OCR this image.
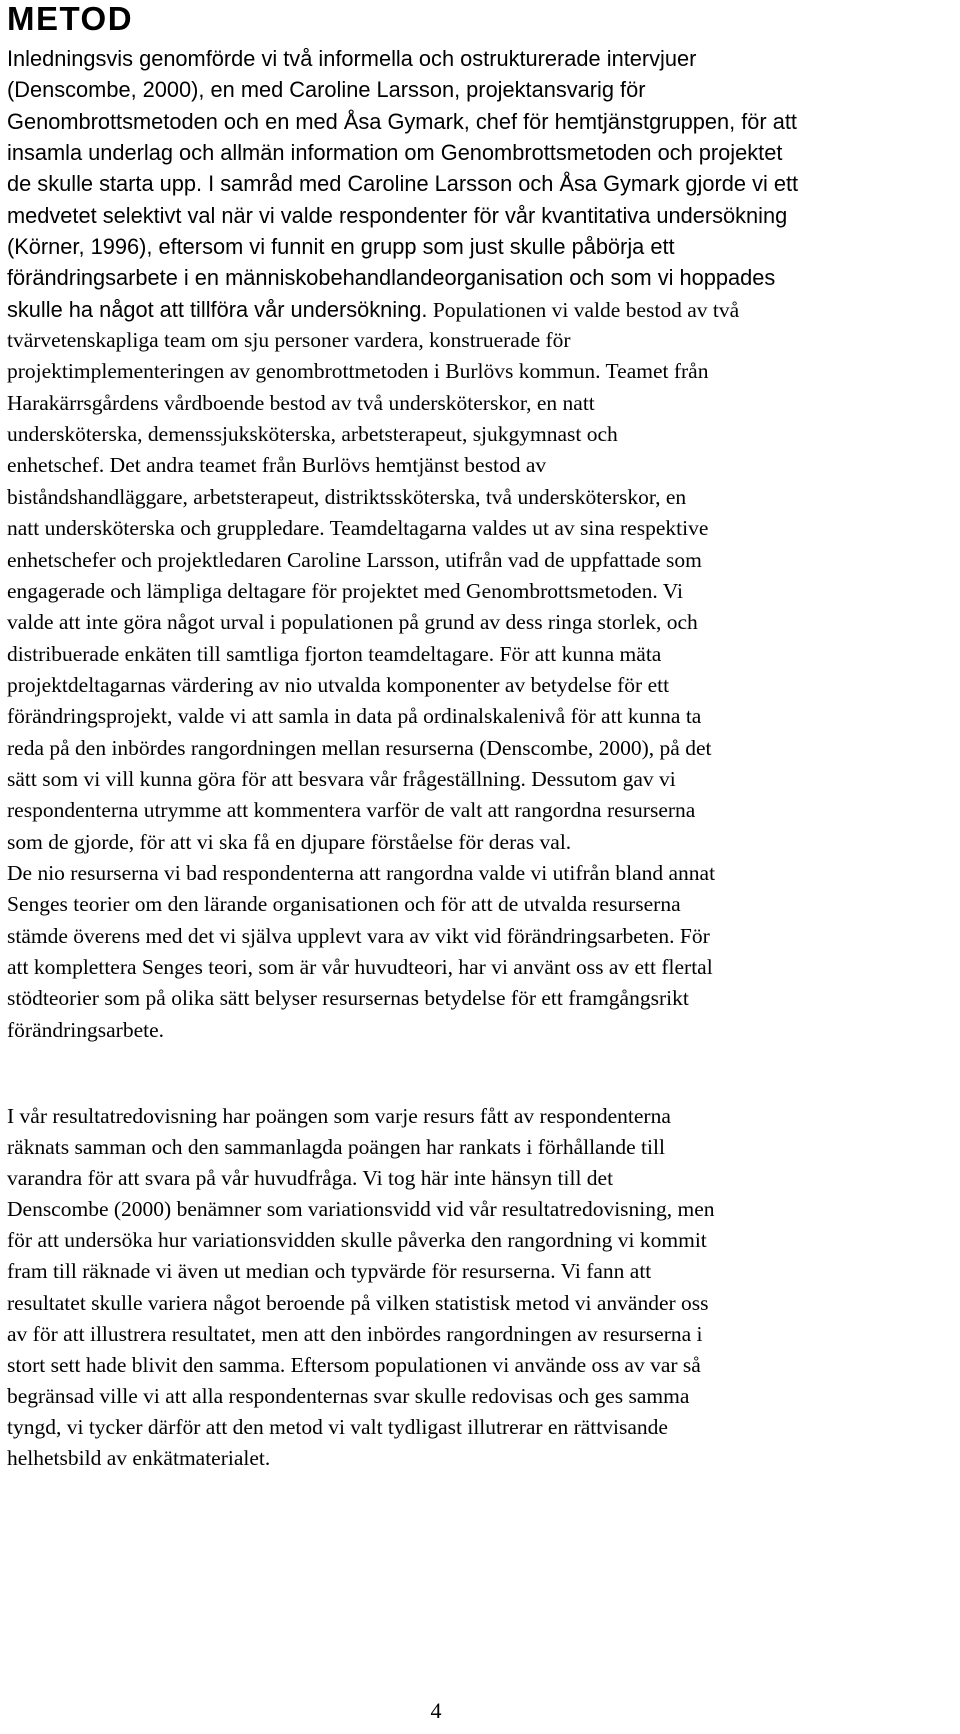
METOD
Inledningsvis genomförde vi två informella och ostrukturerade intervjuer
(Denscombe, 2000), en med Caroline Larsson, projektansvarig för
Genombrottsmetoden och en med Åsa Gymark, chef för hemtjänstgruppen, för att
insamla underlag och allmän information om Genombrottsmetoden och projektet
de skulle starta upp. I samråd med Caroline Larsson och Åsa Gymark gjorde vi ett
medvetet selektivt val när vi valde respondenter för vår kvantitativa undersökning
(Körner, 1996), eftersom vi funnit en grupp som just skulle påbörja ett
förändringsarbete i en människobehandlandeorganisation och som vi hoppades
skulle ha något att tillföra vår undersökning. Populationen vi valde bestod av två
tvärvetenskapliga team om sju personer vardera, konstruerade för
projektimplementeringen av genombrottmetoden i Burlövs kommun. Teamet från
Harakärrsgårdens vårdboende bestod av två undersköterskor, en natt
undersköterska, demenssjuksköterska, arbetsterapeut, sjukgymnast och
enhetschef. Det andra teamet från Burlövs hemtjänst bestod av
biståndshandläggare, arbetsterapeut, distriktssköterska, två undersköterskor, en
natt undersköterska och gruppledare. Teamdeltagarna valdes ut av sina respektive
enhetschefer och projektledaren Caroline Larsson, utifrån vad de uppfattade som
engagerade och lämpliga deltagare för projektet med Genombrottsmetoden. Vi
valde att inte göra något urval i populationen på grund av dess ringa storlek, och
distribuerade enkäten till samtliga fjorton teamdeltagare. För att kunna mäta
projektdeltagarnas värdering av nio utvalda komponenter av betydelse för ett
förändringsprojekt, valde vi att samla in data på ordinalskalenivå för att kunna ta
reda på den inbördes rangordningen mellan resurserna (Denscombe, 2000), på det
sätt som vi vill kunna göra för att besvara vår frågeställning. Dessutom gav vi
respondenterna utrymme att kommentera varför de valt att rangordna resurserna
som de gjorde, för att vi ska få en djupare förståelse för deras val.
De nio resurserna vi bad respondenterna att rangordna valde vi utifrån bland annat
Senges teorier om den lärande organisationen och för att de utvalda resurserna
stämde överens med det vi själva upplevt vara av vikt vid förändringsarbeten. För
att komplettera Senges teori, som är vår huvudteori, har vi använt oss av ett flertal
stödteorier som på olika sätt belyser resursernas betydelse för ett framgångsrikt
förändringsarbete.
I vår resultatredovisning har poängen som varje resurs fått av respondenterna
räknats samman och den sammanlagda poängen har rankats i förhållande till
varandra för att svara på vår huvudfråga. Vi tog här inte hänsyn till det
Denscombe (2000) benämner som variationsvidd vid vår resultatredovisning, men
för att undersöka hur variationsvidden skulle påverka den rangordning vi kommit
fram till räknade vi även ut median och typvärde för resurserna. Vi fann att
resultatet skulle variera något beroende på vilken statistisk metod vi använder oss
av för att illustrera resultatet, men att den inbördes rangordningen av resurserna i
stort sett hade blivit den samma. Eftersom populationen vi använde oss av var så
begränsad ville vi att alla respondenternas svar skulle redovisas och ges samma
tyngd, vi tycker därför att den metod vi valt tydligast illutrerar en rättvisande
helhetsbild av enkätmaterialet.

4
